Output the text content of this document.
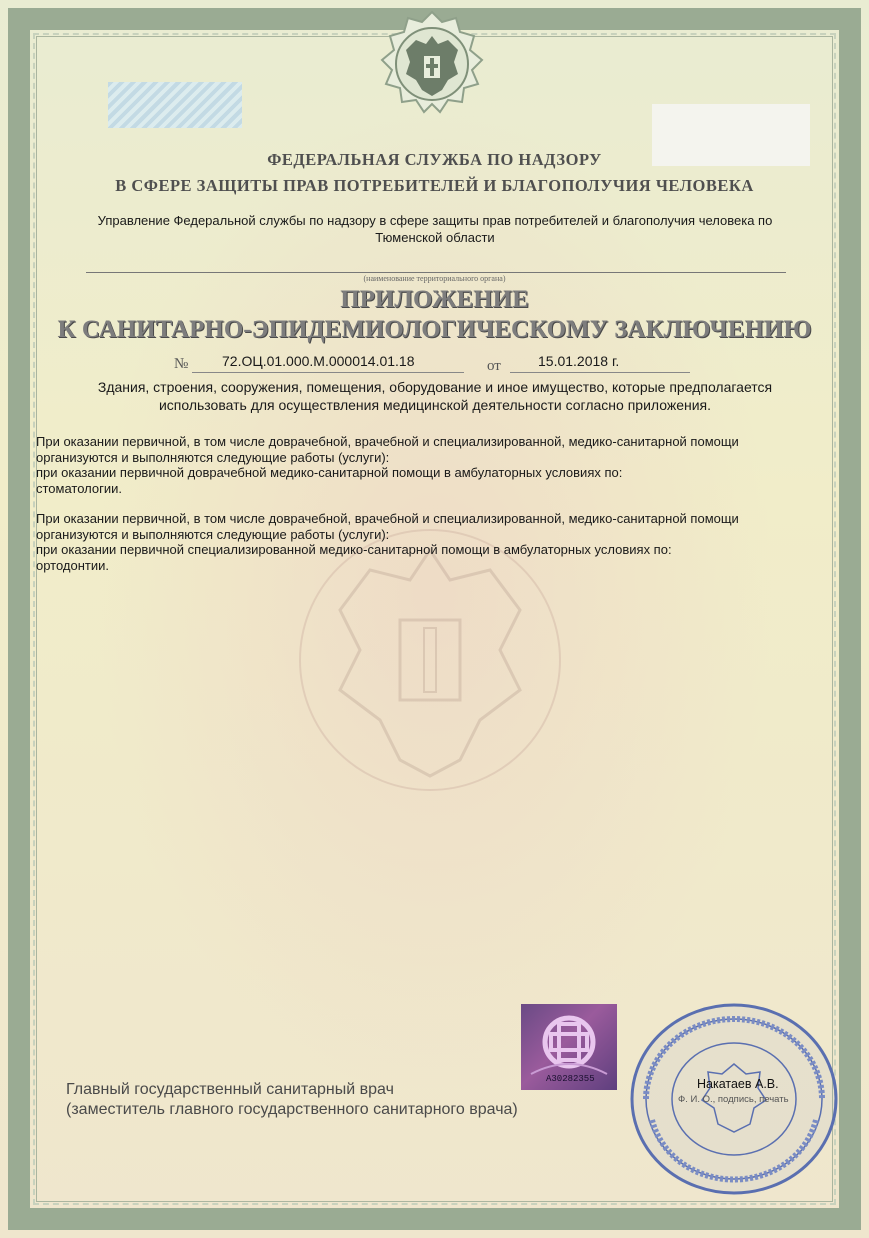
ФЕДЕРАЛЬНАЯ СЛУЖБА ПО НАДЗОРУ

В СФЕРЕ ЗАЩИТЫ ПРАВ ПОТРЕБИТЕЛЕЙ И БЛАГОПОЛУЧИЯ ЧЕЛОВЕКА

Управление Федеральной службы по надзору в сфере защиты прав потребителей и благополучия человека по
Тюменской области

(наименование территориального органа)

ПРИЛОЖЕНИЕ

К САНИТАРНО-ЭПИДЕМИОЛОГИЧЕСКОМУ ЗАКЛЮЧЕНИЮ

№ 72.ОЦ.01.000.М.000014.01.18	от	15.01.2018 г.
Здания, строения, сооружения, помещения, оборудование и иное имущество, которые предполагается
использовать для осуществления медицинской деятельности согласно приложения.

При оказании первичной, в том числе доврачебной, врачебной и специализированной, медико-санитарной помощи

организуются и выполняются следующие работы (услуги):

при оказании первичной доврачебной медико-санитарной помощи в амбулаторных условиях по:

стоматологии.

При оказании первичной, в том числе доврачебной, врачебной и специализированной, медико-санитарной помощи

организуются и выполняются следующие работы (услуги):

при оказании первичной специализированной медико-санитарной помощи в амбулаторных условиях по:

ортодонтии.

Главный государственный санитарный врач

(заместитель главного государственного санитарного врача)

А30282355	Накатаев А.В.
Ф. И. О., подпись, печать
